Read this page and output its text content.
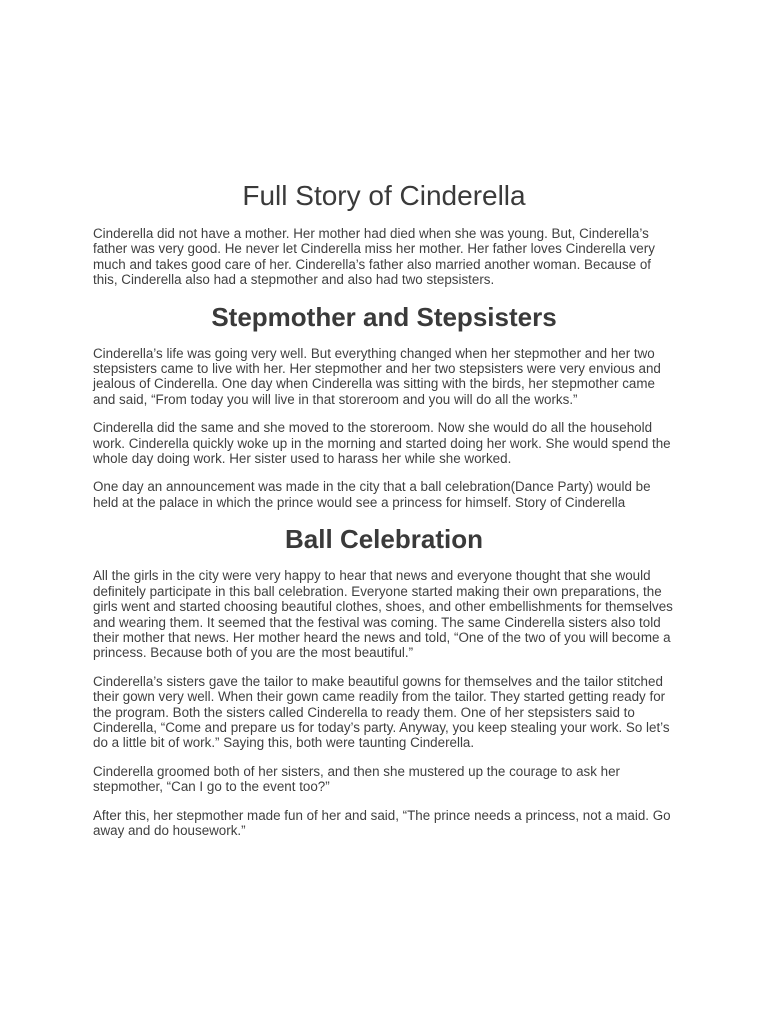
Full Story of Cinderella

Cinderella did not have a mother. Her mother had died when she was young. But, Cinderella’s father was very good. He never let Cinderella miss her mother. Her father loves Cinderella very much and takes good care of her. Cinderella’s father also married another woman. Because of this, Cinderella also had a stepmother and also had two stepsisters.

Stepmother and Stepsisters

Cinderella’s life was going very well. But everything changed when her stepmother and her two stepsisters came to live with her. Her stepmother and her two stepsisters were very envious and jealous of Cinderella. One day when Cinderella was sitting with the birds, her stepmother came and said, “From today you will live in that storeroom and you will do all the works.”

Cinderella did the same and she moved to the storeroom. Now she would do all the household work. Cinderella quickly woke up in the morning and started doing her work. She would spend the whole day doing work. Her sister used to harass her while she worked.

One day an announcement was made in the city that a ball celebration(Dance Party) would be held at the palace in which the prince would see a princess for himself. Story of Cinderella

Ball Celebration

All the girls in the city were very happy to hear that news and everyone thought that she would definitely participate in this ball celebration. Everyone started making their own preparations, the girls went and started choosing beautiful clothes, shoes, and other embellishments for themselves and wearing them. It seemed that the festival was coming. The same Cinderella sisters also told their mother that news. Her mother heard the news and told, “One of the two of you will become a princess. Because both of you are the most beautiful.”

Cinderella’s sisters gave the tailor to make beautiful gowns for themselves and the tailor stitched their gown very well. When their gown came readily from the tailor. They started getting ready for the program. Both the sisters called Cinderella to ready them. One of her stepsisters said to Cinderella, “Come and prepare us for today’s party. Anyway, you keep stealing your work. So let’s do a little bit of work.” Saying this, both were taunting Cinderella.

Cinderella groomed both of her sisters, and then she mustered up the courage to ask her stepmother, “Can I go to the event too?”

After this, her stepmother made fun of her and said, “The prince needs a princess, not a maid. Go away and do housework.”
